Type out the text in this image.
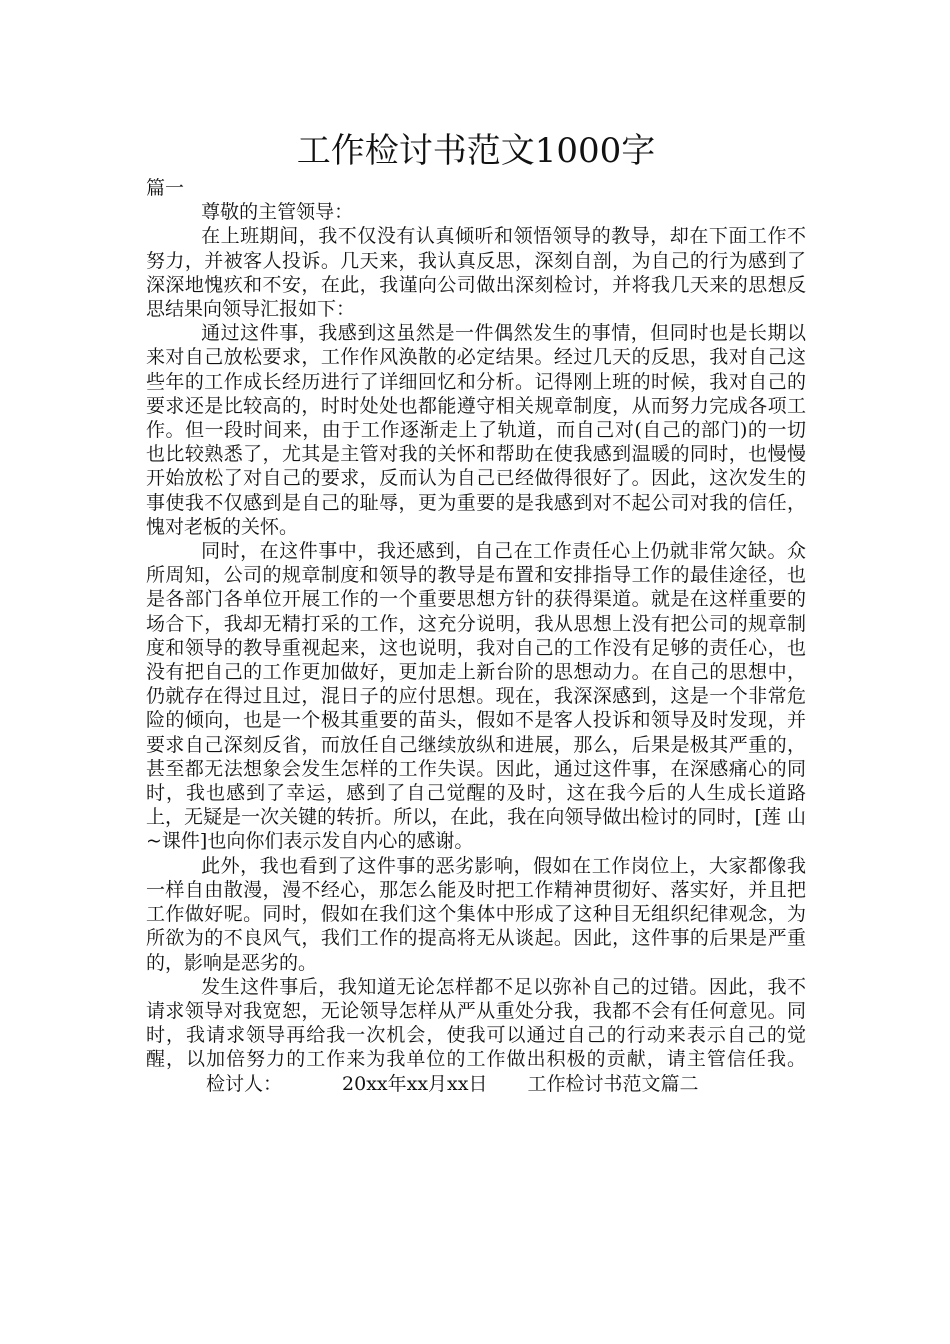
工作检讨书范文1000字

篇一

尊敬的主管领导：

在上班期间，我不仅没有认真倾听和领悟领导的教导，却在下面工作不努力，并被客人投诉。几天来，我认真反思，深刻自剖，为自己的行为感到了深深地愧疚和不安，在此，我谨向公司做出深刻检讨，并将我几天来的思想反思结果向领导汇报如下：

通过这件事，我感到这虽然是一件偶然发生的事情，但同时也是长期以来对自己放松要求，工作作风涣散的必定结果。经过几天的反思，我对自己这些年的工作成长经历进行了详细回忆和分析。记得刚上班的时候，我对自己的要求还是比较高的，时时处处也都能遵守相关规章制度，从而努力完成各项工作。但一段时间来，由于工作逐渐走上了轨道，而自己对(自己的部门)的一切也比较熟悉了，尤其是主管对我的关怀和帮助在使我感到温暖的同时，也慢慢开始放松了对自己的要求，反而认为自己已经做得很好了。因此，这次发生的事使我不仅感到是自己的耻辱，更为重要的是我感到对不起公司对我的信任，愧对老板的关怀。

同时，在这件事中，我还感到，自己在工作责任心上仍就非常欠缺。众所周知，公司的规章制度和领导的教导是布置和安排指导工作的最佳途径，也是各部门各单位开展工作的一个重要思想方针的获得渠道。就是在这样重要的场合下，我却无精打采的工作，这充分说明，我从思想上没有把公司的规章制度和领导的教导重视起来，这也说明，我对自己的工作没有足够的责任心，也没有把自己的工作更加做好，更加走上新台阶的思想动力。在自己的思想中，仍就存在得过且过，混日子的应付思想。现在，我深深感到，这是一个非常危险的倾向，也是一个极其重要的苗头，假如不是客人投诉和领导及时发现，并要求自己深刻反省，而放任自己继续放纵和进展，那么，后果是极其严重的，甚至都无法想象会发生怎样的工作失误。因此，通过这件事，在深感痛心的同时，我也感到了幸运，感到了自己觉醒的及时，这在我今后的人生成长道路上，无疑是一次关键的转折。所以，在此，我在向领导做出检讨的同时，[莲 山~课件]也向你们表示发自内心的感谢。

此外，我也看到了这件事的恶劣影响，假如在工作岗位上，大家都像我一样自由散漫，漫不经心，那怎么能及时把工作精神贯彻好、落实好，并且把工作做好呢。同时，假如在我们这个集体中形成了这种目无组织纪律观念，为所欲为的不良风气，我们工作的提高将无从谈起。因此，这件事的后果是严重的，影响是恶劣的。

发生这件事后，我知道无论怎样都不足以弥补自己的过错。因此，我不请求领导对我宽恕，无论领导怎样从严从重处分我，我都不会有任何意见。同时，我请求领导再给我一次机会，使我可以通过自己的行动来表示自己的觉醒，以加倍努力的工作来为我单位的工作做出积极的贡献，请主管信任我。检讨人：	20xx年xx月xx日 工作检讨书范文篇二
